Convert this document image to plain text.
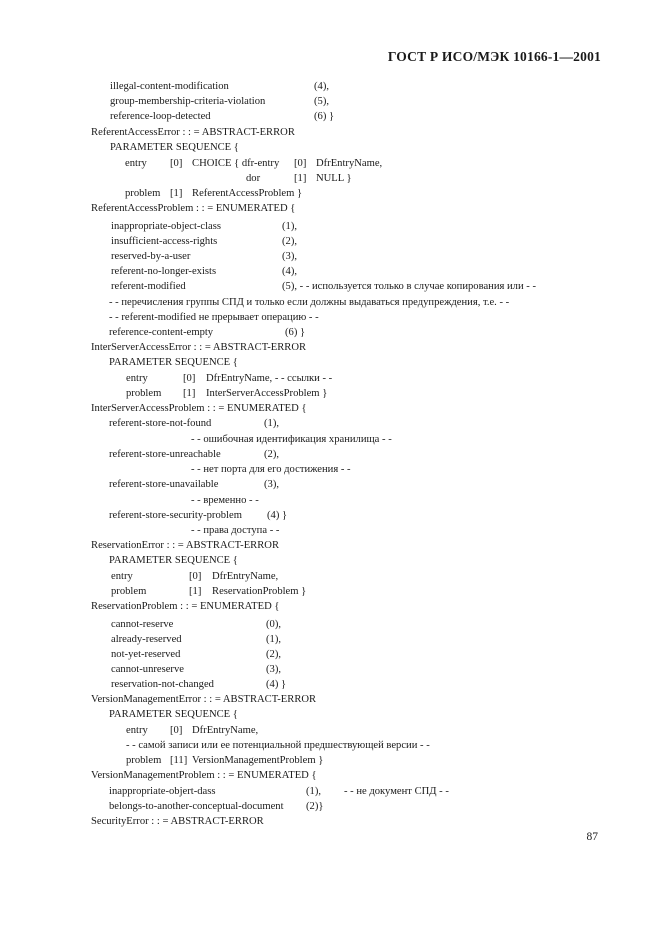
ГОСТ Р ИСО/МЭК 10166-1—2001
illegal-content-modification	(4),
group-membership-criteria-violation	(5),
reference-loop-detected	(6) }
ReferentAccessError : : = ABSTRACT-ERROR
PARAMETER SEQUENCE {
entry [0] CHOICE { dfr-entry [0] DfrEntryName,
dor	[1] NULL }
problem [1] ReferentAccessProblem }
ReferentAccessProblem : : = ENUMERATED {
inappropriate-object-class	(1),
insufficient-access-rights	(2),
reserved-by-a-user	(3),
referent-no-longer-exists	(4),
referent-modified	(5), - - используется только в случае копирования или - -
- - перечисления группы СПД и только если должны выдаваться предупреждения, т.е. - -
- - referent-modified не прерывает операцию - -
reference-content-empty	(6) }
InterServerAccessError : : = ABSTRACT-ERROR
PARAMETER SEQUENCE {
entry	[0] DfrEntryName, - - ссылки - -
problem [1] InterServerAccessProblem }
InterServerAccessProblem : : = ENUMERATED {
referent-store-not-found	(1),
- - ошибочная идентификация хранилища - -
referent-store-unreachable	(2),
- - нет порта для его достижения - -
referent-store-unavailable	(3),
- - временно - -
referent-store-security-problem (4) }
- - права доступа - -
ReservationError : : = ABSTRACT-ERROR
PARAMETER SEQUENCE {
entry	[0] DfrEntryName,
problem	[1] ReservationProblem }
ReservationProblem : : = ENUMERATED {
cannot-reserve	(0),
already-reserved	(1),
not-yet-reserved	(2),
cannot-unreserve	(3),
reservation-not-changed	(4) }
VersionManagementError : : = ABSTRACT-ERROR
PARAMETER SEQUENCE {
entry [0] DfrEntryName,
- - самой записи или ее потенциальной предшествующей версии - -
problem [11] VersionManagementProblem }
VersionManagementProblem : : = ENUMERATED {
inappropriate-objert-dass	(1), - - не документ СПД - -
belongs-to-another-conceptual-document (2)}
SecurityError : : = ABSTRACT-ERROR
87
